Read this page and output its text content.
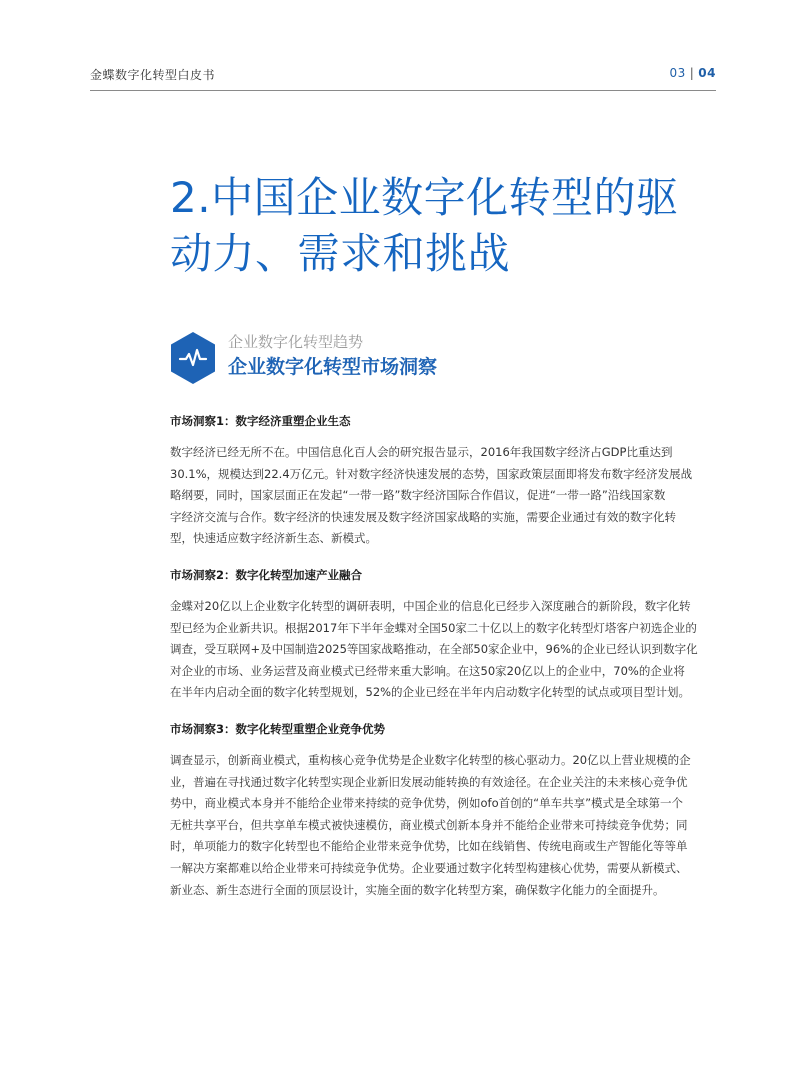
金蝶数字化转型白皮书	03 | 04
2.中国企业数字化转型的驱
动力、需求和挑战
企业数字化转型趋势
企业数字化转型市场洞察

市场洞察1：数字经济重塑企业生态

数字经济已经无所不在。中国信息化百人会的研究报告显示，2016年我国数字经济占GDP比重达到
30.1%，规模达到22.4万亿元。针对数字经济快速发展的态势，国家政策层面即将发布数字经济发展战
略纲要，同时，国家层面正在发起“一带一路”数字经济国际合作倡议，促进“一带一路”沿线国家数
字经济交流与合作。数字经济的快速发展及数字经济国家战略的实施，需要企业通过有效的数字化转
型，快速适应数字经济新生态、新模式。

市场洞察2：数字化转型加速产业融合

金蝶对20亿以上企业数字化转型的调研表明，中国企业的信息化已经步入深度融合的新阶段，数字化转
型已经为企业新共识。根据2017年下半年金蝶对全国50家二十亿以上的数字化转型灯塔客户初选企业的
调查，受互联网+及中国制造2025等国家战略推动，在全部50家企业中，96%的企业已经认识到数字化
对企业的市场、业务运营及商业模式已经带来重大影响。在这50家20亿以上的企业中，70%的企业将
在半年内启动全面的数字化转型规划，52%的企业已经在半年内启动数字化转型的试点或项目型计划。

市场洞察3：数字化转型重塑企业竞争优势

调查显示，创新商业模式，重构核心竞争优势是企业数字化转型的核心驱动力。20亿以上营业规模的企
业，普遍在寻找通过数字化转型实现企业新旧发展动能转换的有效途径。在企业关注的未来核心竞争优
势中，商业模式本身并不能给企业带来持续的竞争优势，例如ofo首创的“单车共享”模式是全球第一个
无桩共享平台，但共享单车模式被快速模仿，商业模式创新本身并不能给企业带来可持续竞争优势；同
时，单项能力的数字化转型也不能给企业带来竞争优势，比如在线销售、传统电商或生产智能化等等单
一解决方案都难以给企业带来可持续竞争优势。企业要通过数字化转型构建核心优势，需要从新模式、
新业态、新生态进行全面的顶层设计，实施全面的数字化转型方案，确保数字化能力的全面提升。
